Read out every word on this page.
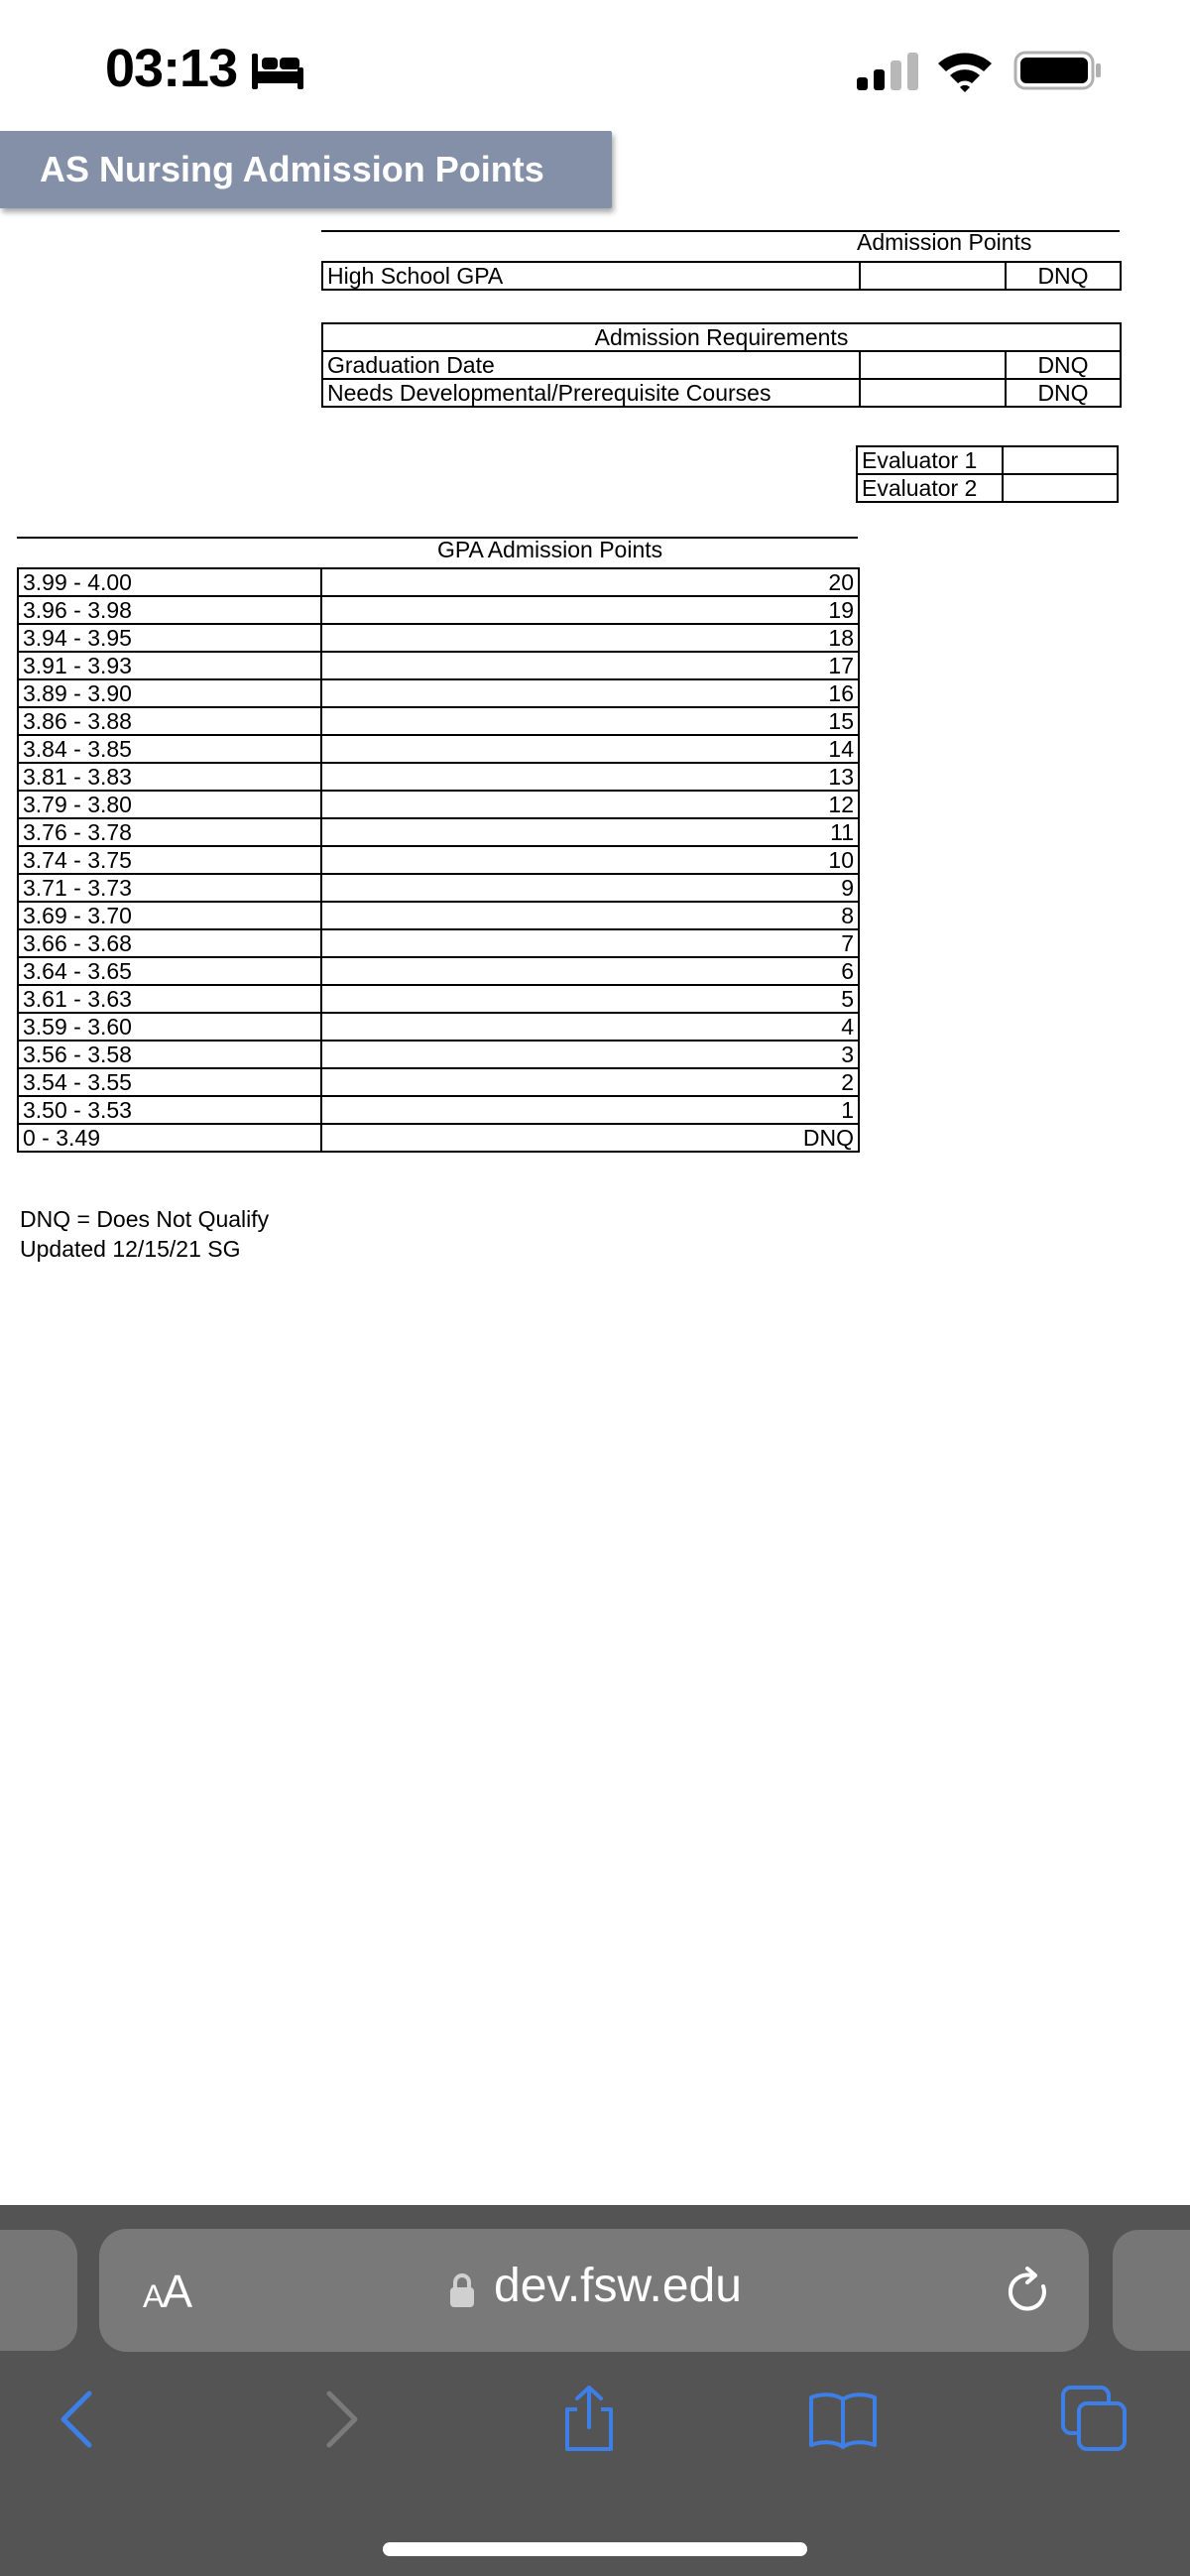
03:13
AS Nursing Admission Points
Admission Points
High School GPA		DNQ
Admission Requirements		
Graduation Date		DNQ
Needs Developmental/Prerequisite Courses		DNQ
Evaluator 1	
Evaluator 2	
GPA Admission Points
3.99 - 4.00	20
3.96 - 3.98	19
3.94 - 3.95	18
3.91 - 3.93	17
3.89 - 3.90	16
3.86 - 3.88	15
3.84 - 3.85	14
3.81 - 3.83	13
3.79 - 3.80	12
3.76 - 3.78	11
3.74 - 3.75	10
3.71 - 3.73	9
3.69 - 3.70	8
3.66 - 3.68	7
3.64 - 3.65	6
3.61 - 3.63	5
3.59 - 3.60	4
3.56 - 3.58	3
3.54 - 3.55	2
3.50 - 3.53	1
0 - 3.49	DNQ
DNQ = Does Not Qualify
Updated 12/15/21 SG
AA	dev.fsw.edu
